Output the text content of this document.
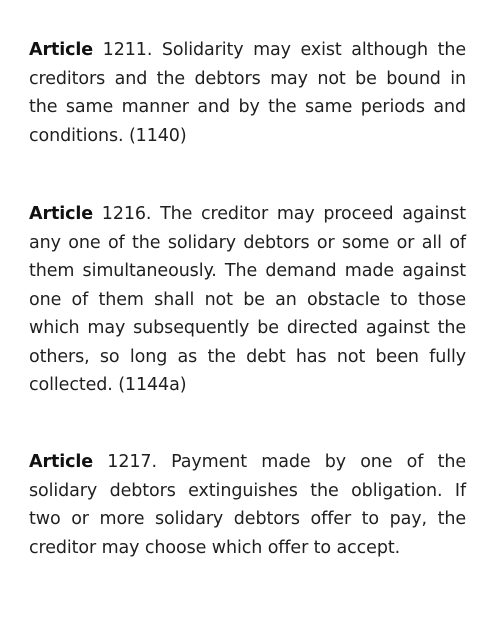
Article 1211. Solidarity may exist although the creditors and the debtors may not be bound in the same manner and by the same periods and conditions. (1140)

Article 1216. The creditor may proceed against any one of the solidary debtors or some or all of them simultaneously. The demand made against one of them shall not be an obstacle to those which may subsequently be directed against the others, so long as the debt has not been fully collected. (1144a)

Article 1217. Payment made by one of the solidary debtors extinguishes the obligation. If two or more solidary debtors offer to pay, the creditor may choose which offer to accept.
